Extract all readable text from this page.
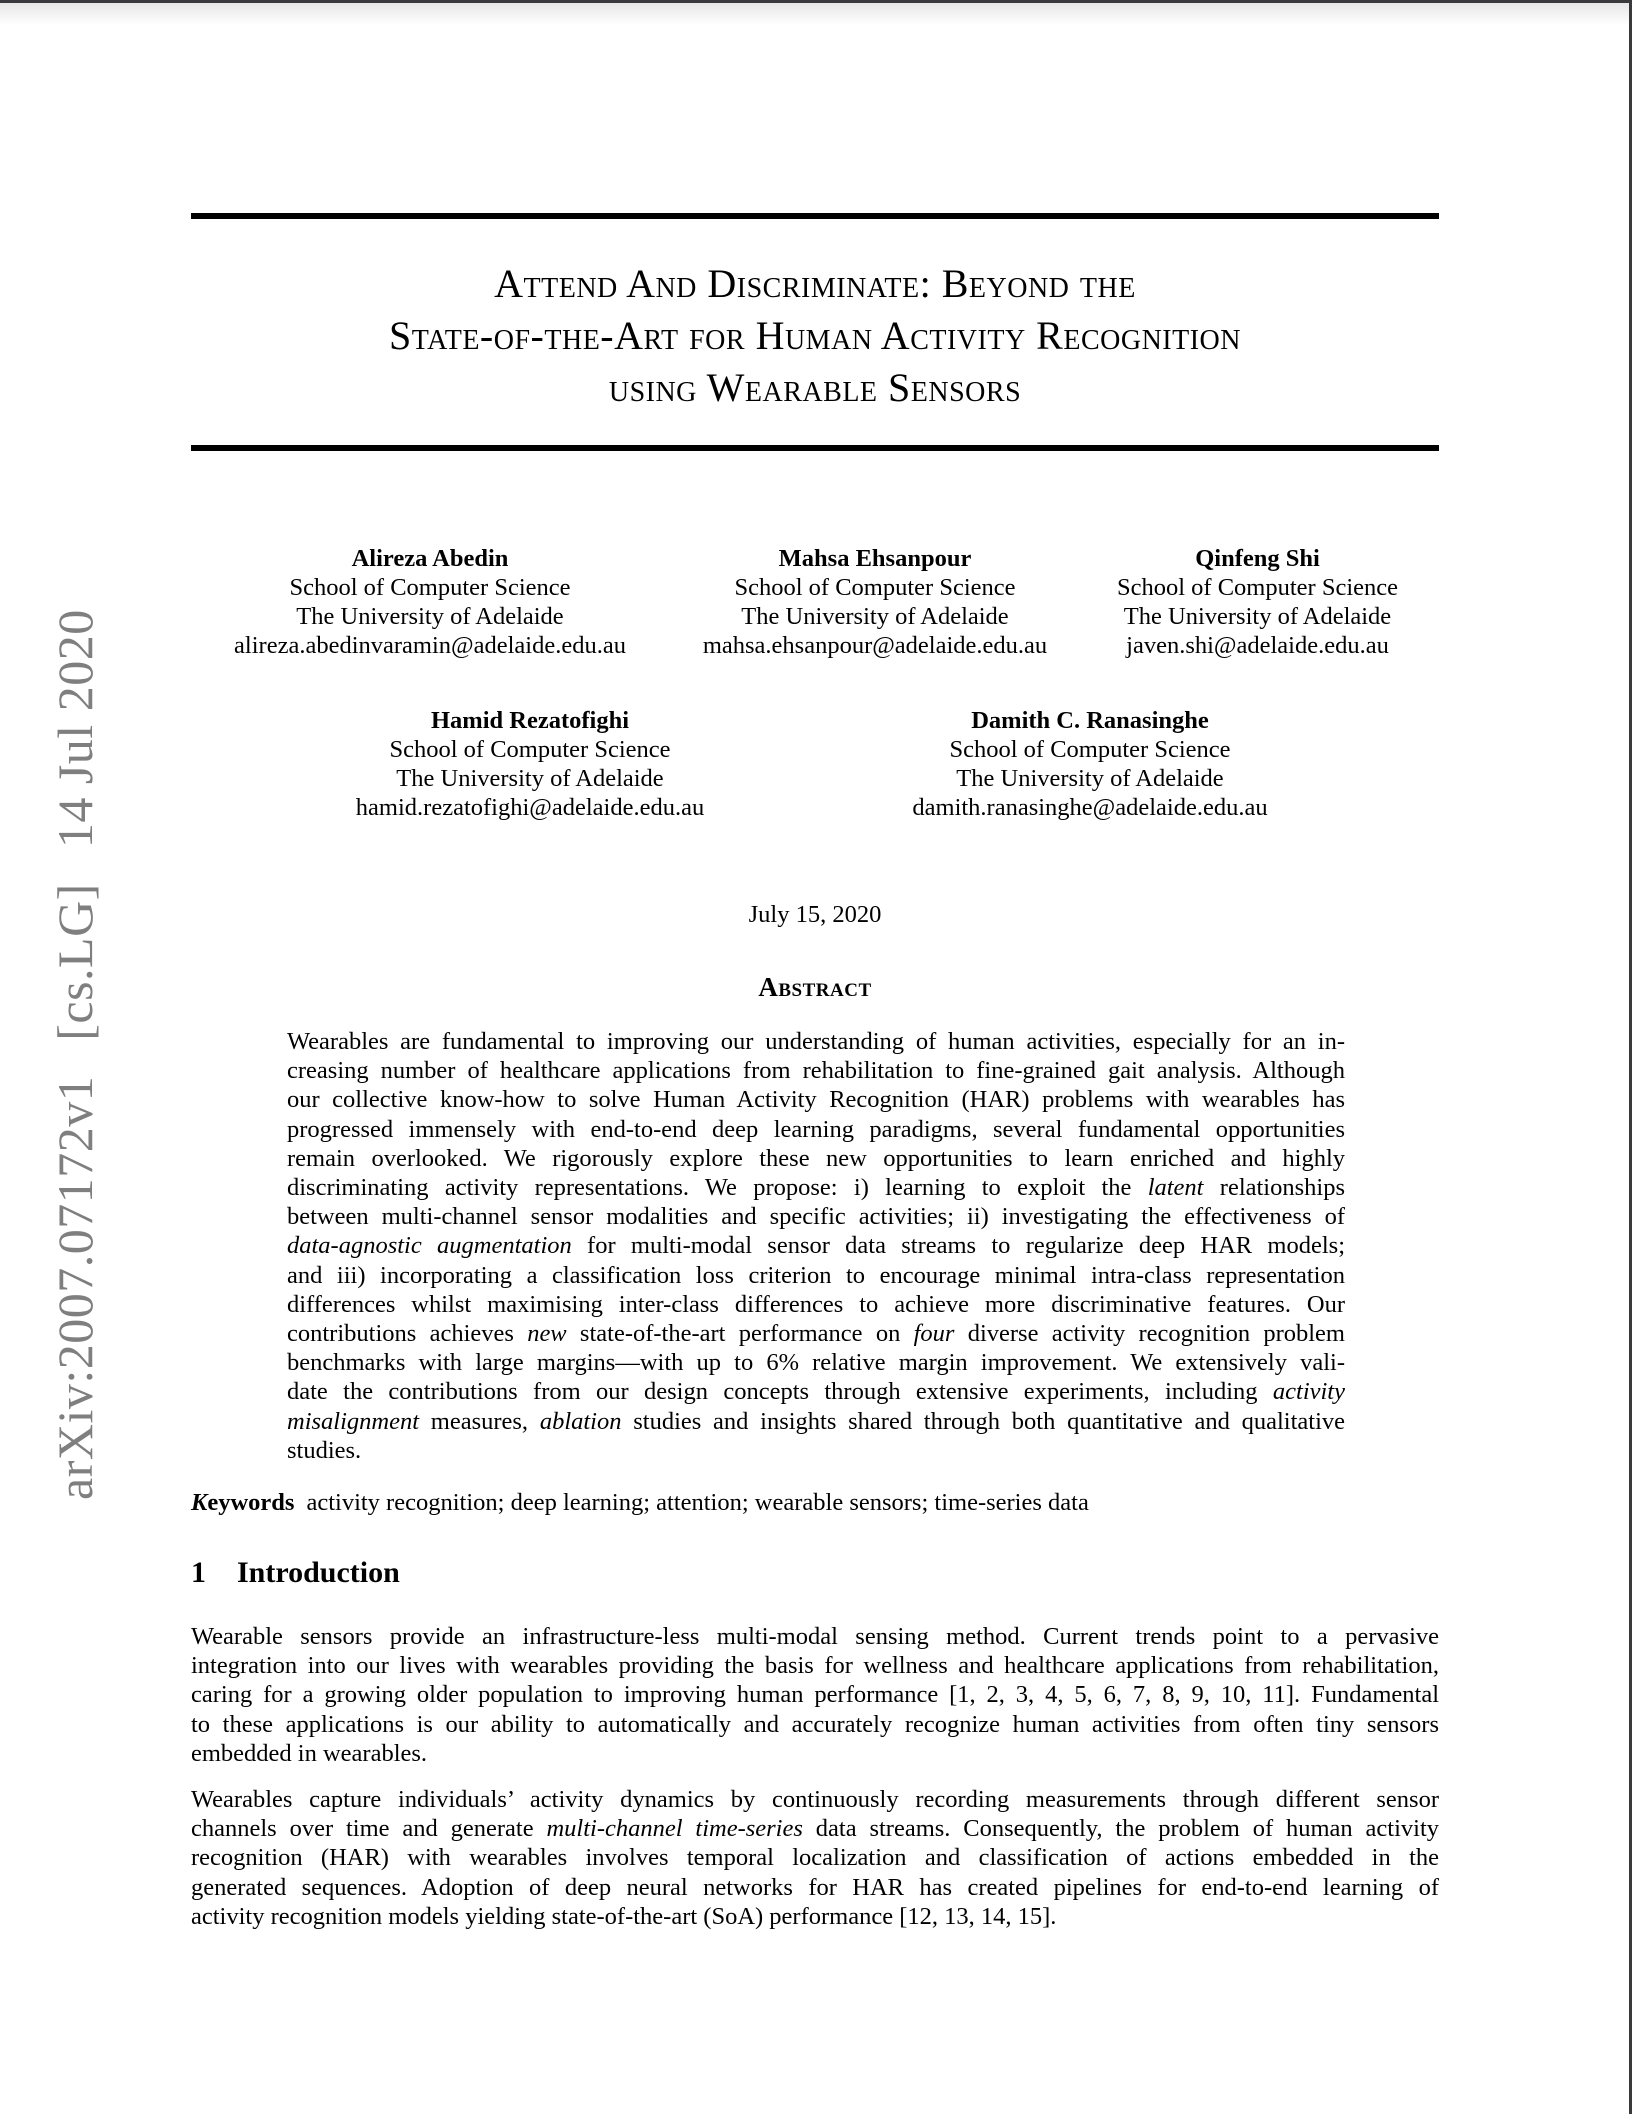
arXiv:2007.07172v1 [cs.LG] 14 Jul 2020
Attend And Discriminate: Beyond the
State-of-the-Art for Human Activity Recognition
using Wearable Sensors
Alireza Abedin
School of Computer Science
The University of Adelaide
alireza.abedinvaramin@adelaide.edu.au
Mahsa Ehsanpour
School of Computer Science
The University of Adelaide
mahsa.ehsanpour@adelaide.edu.au
Qinfeng Shi
School of Computer Science
The University of Adelaide
javen.shi@adelaide.edu.au
Hamid Rezatofighi
School of Computer Science
The University of Adelaide
hamid.rezatofighi@adelaide.edu.au
Damith C. Ranasinghe
School of Computer Science
The University of Adelaide
damith.ranasinghe@adelaide.edu.au
July 15, 2020
Abstract
Wearables are fundamental to improving our understanding of human activities, especially for an in-
creasing number of healthcare applications from rehabilitation to fine-grained gait analysis. Although
our collective know-how to solve Human Activity Recognition (HAR) problems with wearables has
progressed immensely with end-to-end deep learning paradigms, several fundamental opportunities
remain overlooked. We rigorously explore these new opportunities to learn enriched and highly
discriminating activity representations. We propose: i) learning to exploit the latent relationships
between multi-channel sensor modalities and specific activities; ii) investigating the effectiveness of
data-agnostic augmentation for multi-modal sensor data streams to regularize deep HAR models;
and iii) incorporating a classification loss criterion to encourage minimal intra-class representation
differences whilst maximising inter-class differences to achieve more discriminative features. Our
contributions achieves new state-of-the-art performance on four diverse activity recognition problem
benchmarks with large margins—with up to 6% relative margin improvement. We extensively vali-
date the contributions from our design concepts through extensive experiments, including activity
misalignment measures, ablation studies and insights shared through both quantitative and qualitative
studies.
Keywords activity recognition; deep learning; attention; wearable sensors; time-series data
1 Introduction
Wearable sensors provide an infrastructure-less multi-modal sensing method. Current trends point to a pervasive
integration into our lives with wearables providing the basis for wellness and healthcare applications from rehabilitation,
caring for a growing older population to improving human performance [1, 2, 3, 4, 5, 6, 7, 8, 9, 10, 11]. Fundamental
to these applications is our ability to automatically and accurately recognize human activities from often tiny sensors
embedded in wearables.
Wearables capture individuals’ activity dynamics by continuously recording measurements through different sensor
channels over time and generate multi-channel time-series data streams. Consequently, the problem of human activity
recognition (HAR) with wearables involves temporal localization and classification of actions embedded in the
generated sequences. Adoption of deep neural networks for HAR has created pipelines for end-to-end learning of
activity recognition models yielding state-of-the-art (SoA) performance [12, 13, 14, 15].
